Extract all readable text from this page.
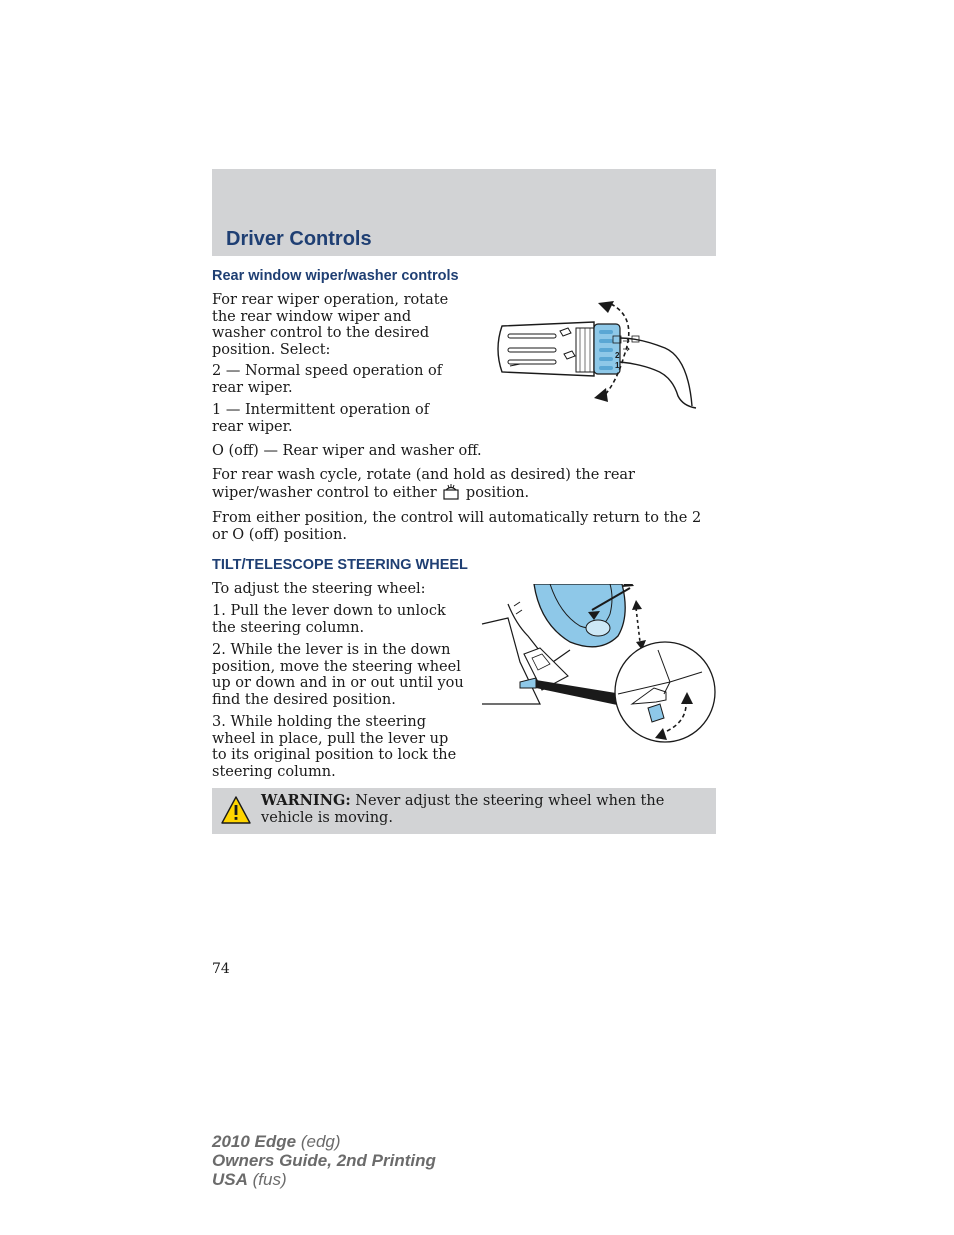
Driver Controls
Rear window wiper/washer controls

For rear wiper operation, rotate the rear window wiper and washer control to the desired position. Select:

2 — Normal speed operation of rear wiper.

1 — Intermittent operation of rear wiper.

O (off) — Rear wiper and washer off.

For rear wash cycle, rotate (and hold as desired) the rear wiper/washer control to either position.

From either position, the control will automatically return to the 2 or O (off) position.

2
1
TILT/TELESCOPE STEERING WHEEL

To adjust the steering wheel:

1. Pull the lever down to unlock the steering column.

2. While the lever is in the down position, move the steering wheel up or down and in or out until you find the desired position.

3. While holding the steering wheel in place, pull the lever up to its original position to lock the steering column.

WARNING: Never adjust the steering wheel when the vehicle is moving.

74
2010 Edge (edg)
Owners Guide, 2nd Printing
USA (fus)
